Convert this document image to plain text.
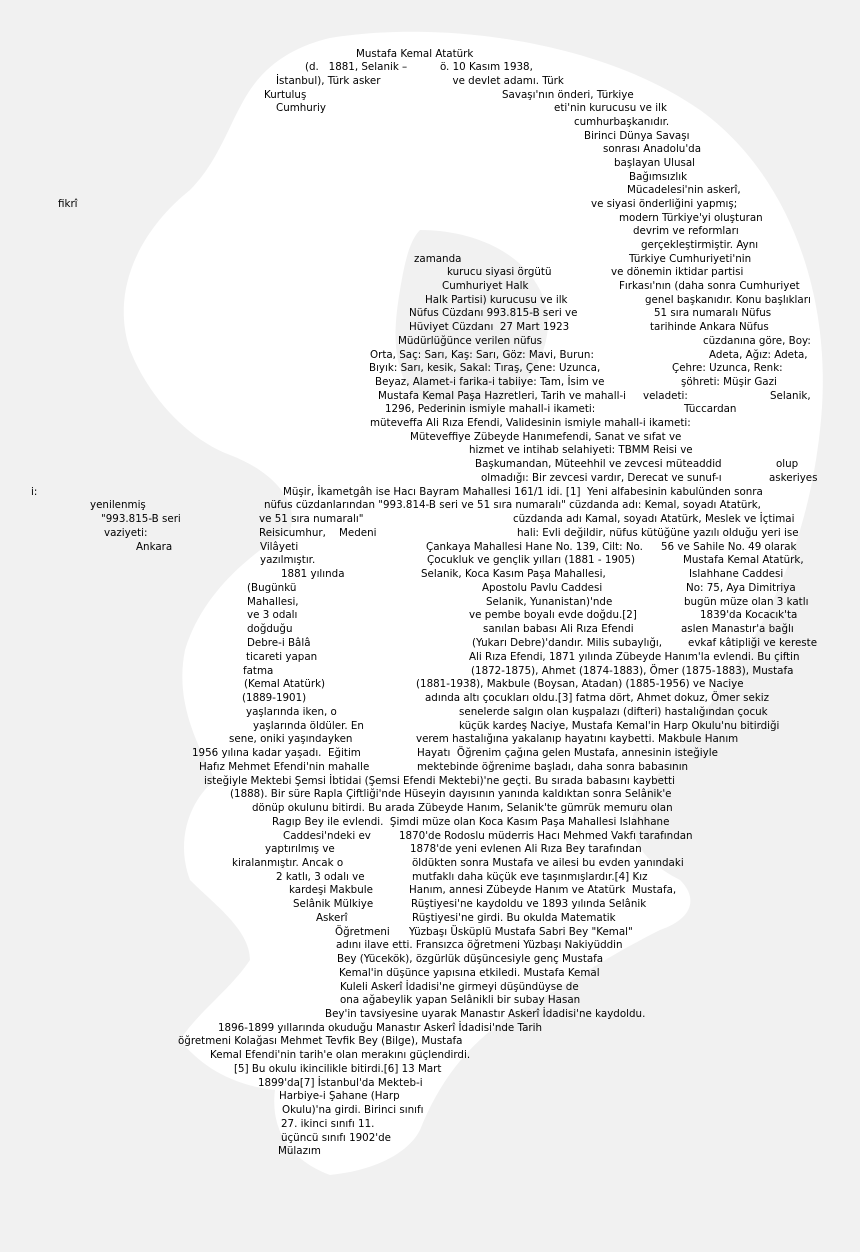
Mustafa Kemal Atatürk
(d.   1881, Selanik –          ö. 10 Kasım 1938,
İstanbul), Türk asker                      ve devlet adamı. Türk
Kurtuluş	Savaşı'nın önderi, Türkiye
Cumhuriy	eti'nin kurucusu ve ilk
cumhurbaşkanıdır.
Birinci Dünya Savaşı
sonrası Anadolu'da
başlayan Ulusal
Bağımsızlık
Mücadelesi'nin askerî,
fikrî	ve siyasi önderliğini yapmış;
modern Türkiye'yi oluşturan
devrim ve reformları
gerçekleştirmiştir. Aynı
zamanda	Türkiye Cumhuriyeti'nin
kurucu siyasi örgütü	ve dönemin iktidar partisi
Cumhuriyet Halk	Fırkası'nın (daha sonra Cumhuriyet
Halk Partisi) kurucusu ve ilk	genel başkanıdır. Konu başlıkları
Nüfus Cüzdanı 993.815-B seri ve	51 sıra numaralı Nüfus
Hüviyet Cüzdanı  27 Mart 1923	tarihinde Ankara Nüfus
Müdürlüğünce verilen nüfus	cüzdanına göre, Boy:
Orta, Saç: Sarı, Kaş: Sarı, Göz: Mavi, Burun:	Adeta, Ağız: Adeta,
Bıyık: Sarı, kesik, Sakal: Tıraş, Çene: Uzunca,	Çehre: Uzunca, Renk:
Beyaz, Alamet-i farika-i tabiiye: Tam, İsim ve	şöhreti: Müşir Gazi
Mustafa Kemal Paşa Hazretleri, Tarih ve mahall-i veladeti:	Selanik,
1296, Pederinin ismiyle mahall-i ikameti:	Tüccardan
müteveffa Ali Rıza Efendi, Validesinin ismiyle mahall-i ikameti:
Müteveffiye Zübeyde Hanımefendi, Sanat ve sıfat ve
hizmet ve intihab selahiyeti: TBMM Reisi ve
Başkumandan, Müteehhil ve zevcesi müteaddid	olup
olmadığı: Bir zevcesi vardır, Derecat ve sunuf-ı	askeriyes
i:	Müşir, İkametgâh ise Hacı Bayram Mahallesi 161/1 idi. [1]  Yeni alfabesinin kabulünden sonra
yenilenmiş	nüfus cüzdanlarından "993.814-B seri ve 51 sıra numaralı" cüzdanda adı: Kemal, soyadı Atatürk,
"993.815-B seri	ve 51 sıra numaralı"	cüzdanda adı Kamal, soyadı Atatürk, Meslek ve İçtimai
vaziyeti:	Reisicumhur, Medeni	hali: Evli değildir, nüfus kütüğüne yazılı olduğu yeri ise
Ankara	Vilâyeti	Çankaya Mahallesi Hane No. 139, Cilt: No. 56 ve Sahile No. 49 olarak
yazılmıştır.	Çocukluk ve gençlik yılları (1881 - 1905)	Mustafa Kemal Atatürk,
1881 yılında	Selanik, Koca Kasım Paşa Mahallesi,	Islahhane Caddesi
(Bugünkü	Apostolu Pavlu Caddesi	No: 75, Aya Dimitriya
Mahallesi,	Selanik, Yunanistan)'nde	bugün müze olan 3 katlı
ve 3 odalı	ve pembe boyalı evde doğdu.[2]	1839'da Kocacık'ta
doğduğu	sanılan babası Ali Rıza Efendi	aslen Manastır'a bağlı
Debre-i Bâlâ	(Yukarı Debre)'dandır. Milis subaylığı,	evkaf kâtipliği ve kereste
ticareti yapan	Ali Rıza Efendi, 1871 yılında Zübeyde Hanım'la evlendi. Bu çiftin
fatma	(1872-1875), Ahmet (1874-1883), Ömer (1875-1883), Mustafa
(Kemal Atatürk)	(1881-1938), Makbule (Boysan, Atadan) (1885-1956) ve Naciye
(1889-1901)	adında altı çocukları oldu.[3] fatma dört, Ahmet dokuz, Ömer sekiz
yaşlarında iken, o	senelerde salgın olan kuşpalazı (difteri) hastalığından çocuk
yaşlarında öldüler. En	küçük kardeş Naciye, Mustafa Kemal'in Harp Okulu'nu bitirdiği
sene, oniki yaşındayken	verem hastalığına yakalanıp hayatını kaybetti. Makbule Hanım
1956 yılına kadar yaşadı.  Eğitim	Hayatı  Öğrenim çağına gelen Mustafa, annesinin isteğiyle
Hafız Mehmet Efendi'nin mahalle	mektebinde öğrenime başladı, daha sonra babasının
isteğiyle Mektebi Şemsi İbtidai (Şemsi Efendi Mektebi)'ne geçti. Bu sırada babasını kaybetti
(1888). Bir süre Rapla Çiftliği'nde Hüseyin dayısının yanında kaldıktan sonra Selânik'e
dönüp okulunu bitirdi. Bu arada Zübeyde Hanım, Selanik'te gümrük memuru olan
Ragıp Bey ile evlendi.  Şimdi müze olan Koca Kasım Paşa Mahallesi Islahhane
Caddesi'ndeki ev	1870'de Rodoslu müderris Hacı Mehmed Vakfı tarafından
yaptırılmış ve	1878'de yeni evlenen Ali Rıza Bey tarafından
kiralanmıştır. Ancak o	öldükten sonra Mustafa ve ailesi bu evden yanındaki
2 katlı, 3 odalı ve	mutfaklı daha küçük eve taşınmışlardır.[4] Kız
kardeşi Makbule	Hanım, annesi Zübeyde Hanım ve Atatürk  Mustafa,
Selânik Mülkiye	Rüştiyesi'ne kaydoldu ve 1893 yılında Selânik
Askerî	Rüştiyesi'ne girdi. Bu okulda Matematik
Öğretmeni Yüzbaşı Üsküplü Mustafa Sabri Bey "Kemal"
adını ilave etti. Fransızca öğretmeni Yüzbaşı Nakiyüddin
Bey (Yücekök), özgürlük düşüncesiyle genç Mustafa
Kemal'in düşünce yapısına etkiledi. Mustafa Kemal
Kuleli Askerî İdadisi'ne girmeyi düşündüyse de
ona ağabeylik yapan Selânikli bir subay Hasan
Bey'in tavsiyesine uyarak Manastır Askerî İdadisi'ne kaydoldu.
1896-1899 yıllarında okuduğu Manastır Askerî İdadisi'nde Tarih
öğretmeni Kolağası Mehmet Tevfik Bey (Bilge), Mustafa
Kemal Efendi'nin tarih'e olan merakını güçlendirdi.
[5] Bu okulu ikincilikle bitirdi.[6] 13 Mart
1899'da[7] İstanbul'da Mekteb-i
Harbiye-i Şahane (Harp
Okulu)'na girdi. Birinci sınıfı
27. ikinci sınıfı 11.
üçüncü sınıfı 1902'de
Mülazım
